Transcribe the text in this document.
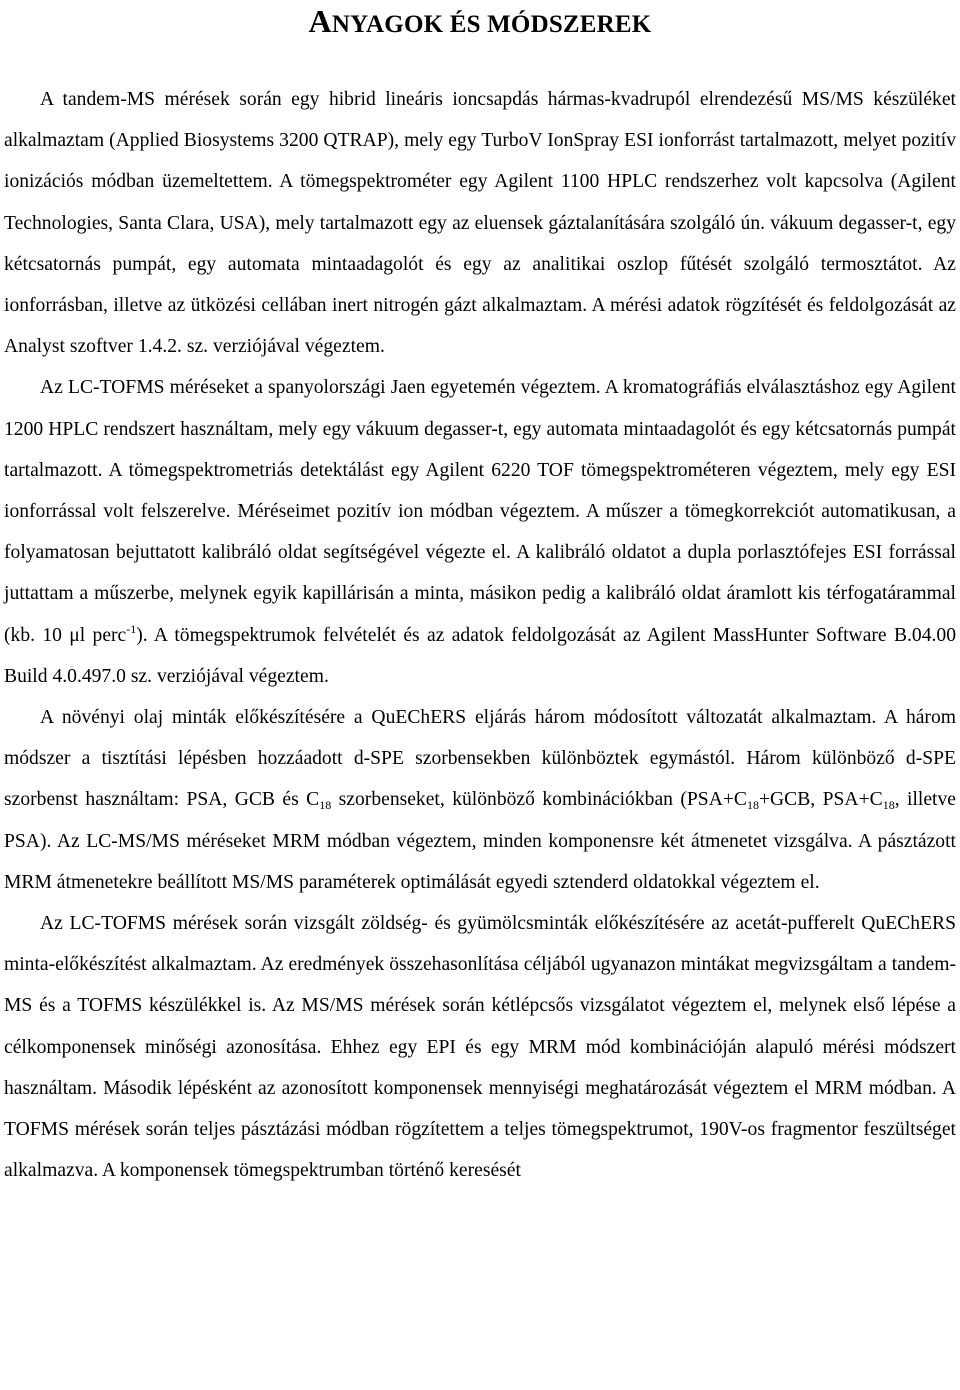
ANYAGOK ÉS MÓDSZEREK

A tandem-MS mérések során egy hibrid lineáris ioncsapdás hármas-kvadrupól elrendezésű MS/MS készüléket alkalmaztam (Applied Biosystems 3200 QTRAP), mely egy TurboV IonSpray ESI ionforrást tartalmazott, melyet pozitív ionizációs módban üzemeltettem. A tömegspektrométer egy Agilent 1100 HPLC rendszerhez volt kapcsolva (Agilent Technologies, Santa Clara, USA), mely tartalmazott egy az eluensek gáztalanítására szolgáló ún. vákuum degasser-t, egy kétcsatornás pumpát, egy automata mintaadagolót és egy az analitikai oszlop fűtését szolgáló termosztátot. Az ionforrásban, illetve az ütközési cellában inert nitrogén gázt alkalmaztam. A mérési adatok rögzítését és feldolgozását az Analyst szoftver 1.4.2. sz. verziójával végeztem.

Az LC-TOFMS méréseket a spanyolországi Jaen egyetemén végeztem. A kromatográfiás elválasztáshoz egy Agilent 1200 HPLC rendszert használtam, mely egy vákuum degasser-t, egy automata mintaadagolót és egy kétcsatornás pumpát tartalmazott. A tömegspektrometriás detektálást egy Agilent 6220 TOF tömegspektrométeren végeztem, mely egy ESI ionforrással volt felszerelve. Méréseimet pozitív ion módban végeztem. A műszer a tömegkorrekciót automatikusan, a folyamatosan bejuttatott kalibráló oldat segítségével végezte el. A kalibráló oldatot a dupla porlasztófejes ESI forrással juttattam a műszerbe, melynek egyik kapillárisán a minta, másikon pedig a kalibráló oldat áramlott kis térfogatárammal (kb. 10 μl perc$^{-1}$). A tömegspektrumok felvételét és az adatok feldolgozását az Agilent MassHunter Software B.04.00 Build 4.0.497.0 sz. verziójával végeztem.

A növényi olaj minták előkészítésére a QuEChERS eljárás három módosított változatát alkalmaztam. A három módszer a tisztítási lépésben hozzáadott d-SPE szorbensekben különböztek egymástól. Három különböző d-SPE szorbenst használtam: PSA, GCB és $C_{18}$ szorbenseket, különböző kombinációkban ($PSA+C_{18}+GCB$, $PSA+C_{18}$, illetve PSA). Az LC-MS/MS méréseket MRM módban végeztem, minden komponensre két átmenetet vizsgálva. A pásztázott MRM átmenetekre beállított MS/MS paraméterek optimálását egyedi sztenderd oldatokkal végeztem el.

Az LC-TOFMS mérések során vizsgált zöldség- és gyümölcsminták előkészítésére az acetát-pufferelt QuEChERS minta-előkészítést alkalmaztam. Az eredmények összehasonlítása céljából ugyanazon mintákat megvizsgáltam a tandem-MS és a TOFMS készülékkel is. Az MS/MS mérések során kétlépcsős vizsgálatot végeztem el, melynek első lépése a célkomponensek minőségi azonosítása. Ehhez egy EPI és egy MRM mód kombinációján alapuló mérési módszert használtam. Második lépésként az azonosított komponensek mennyiségi meghatározását végeztem el MRM módban. A TOFMS mérések során teljes pásztázási módban rögzítettem a teljes tömegspektrumot, 190V-os fragmentor feszültséget alkalmazva. A komponensek tömegspektrumban történő keresését
